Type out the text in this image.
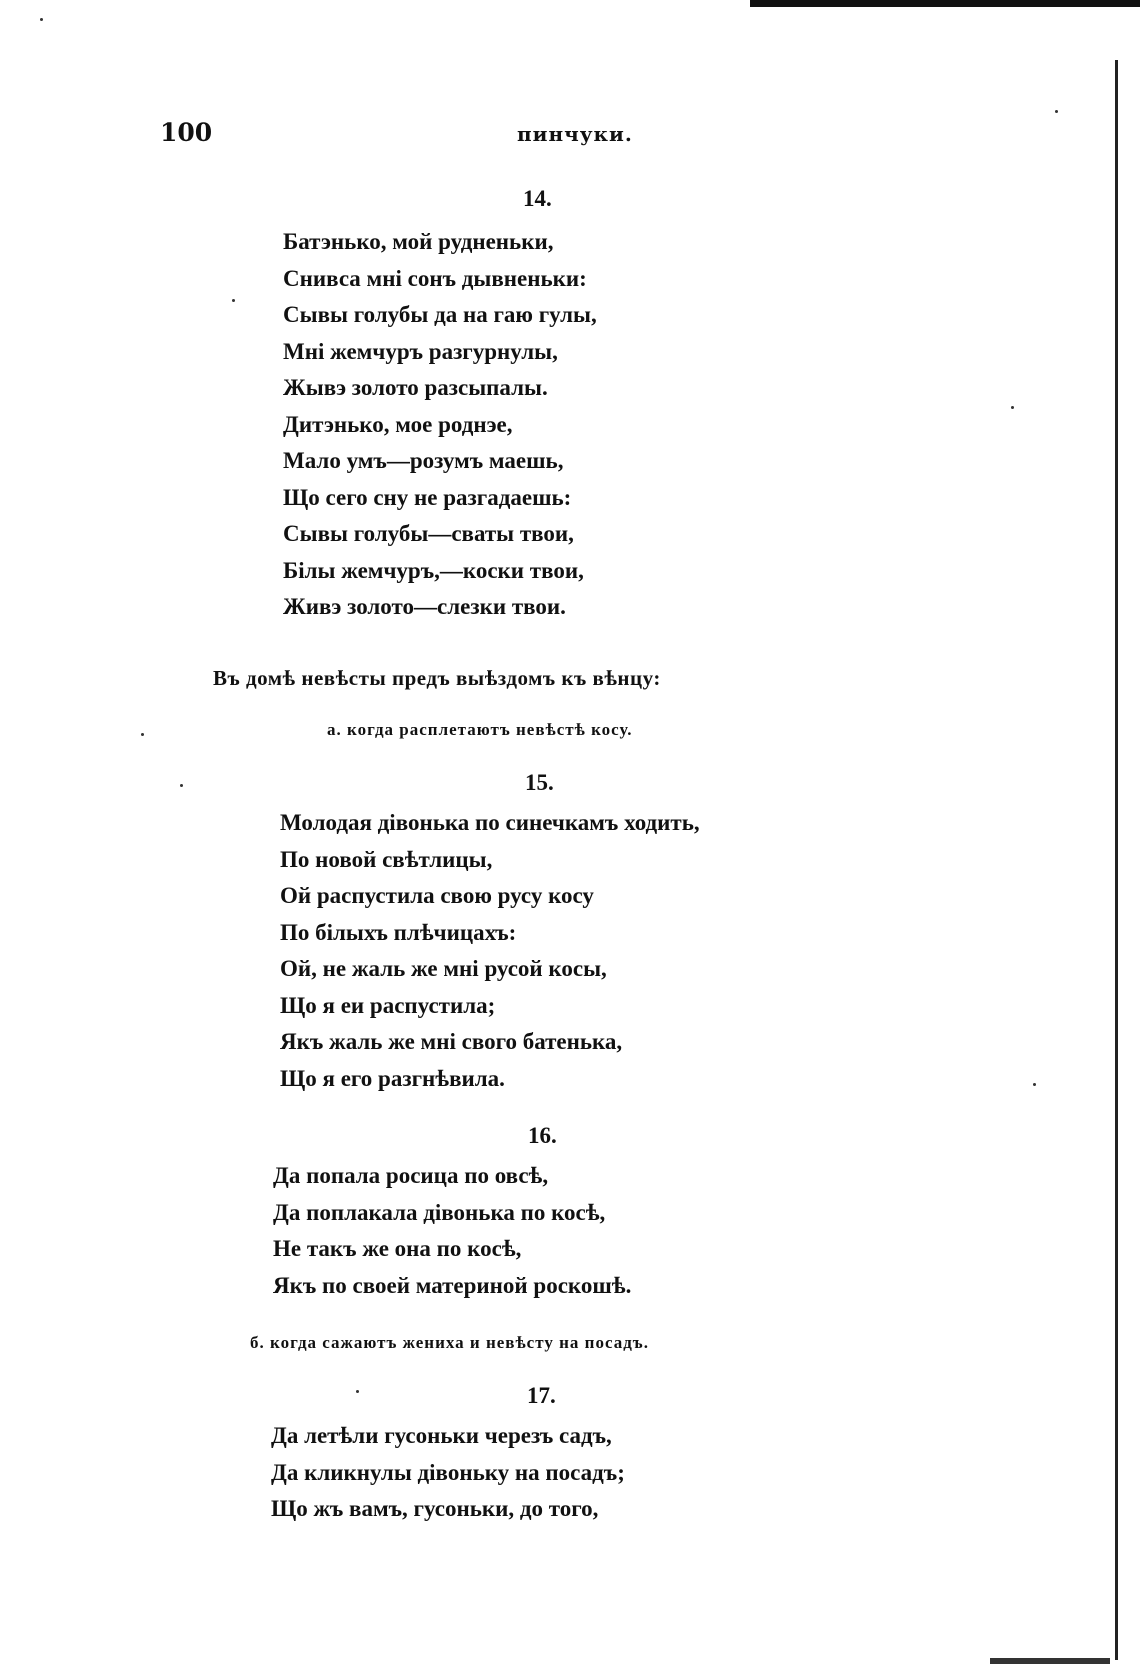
100	пинчуки.
14.
Батэнько, мой рудненьки,
Снивса мнi сонъ дывненьки:
Сывы голубы да на гаю гулы,
Мнi жемчуръ разгурнулы,
Жывэ золото разсыпалы.
Дитэнько, мое роднэе,
Мало умъ—розумъ маешь,
Що сего сну не разгадаешь:
Сывы голубы—сваты твои,
Бiлы жемчуръ,—коски твои,
Живэ золото—слезки твои.
Въ домѣ невѣсты предъ выѣздомъ къ вѣнцу:
а. когда расплетаютъ невѣстѣ косу.
15.
Молодая дiвонька по синечкамъ ходить,
По новой свѣтлицы,
Ой распустила свою русу косу
По бiлыхъ плѣчицахъ:
Ой, не жаль же мнi русой косы,
Що я еи распустила;
Якъ жаль же мнi свого батенька,
Що я его разгнѣвила.
16.
Да попала росица по овсѣ,
Да поплакала дiвонька по косѣ,
Не такъ же она по косѣ,
Якъ по своей материной роскошѣ.
б. когда сажаютъ жениха и невѣсту на посадъ.
17.
Да летѣли гусоньки черезъ садъ,
Да кликнулы дiвоньку на посадъ;
Що жъ вамъ, гусоньки, до того,
